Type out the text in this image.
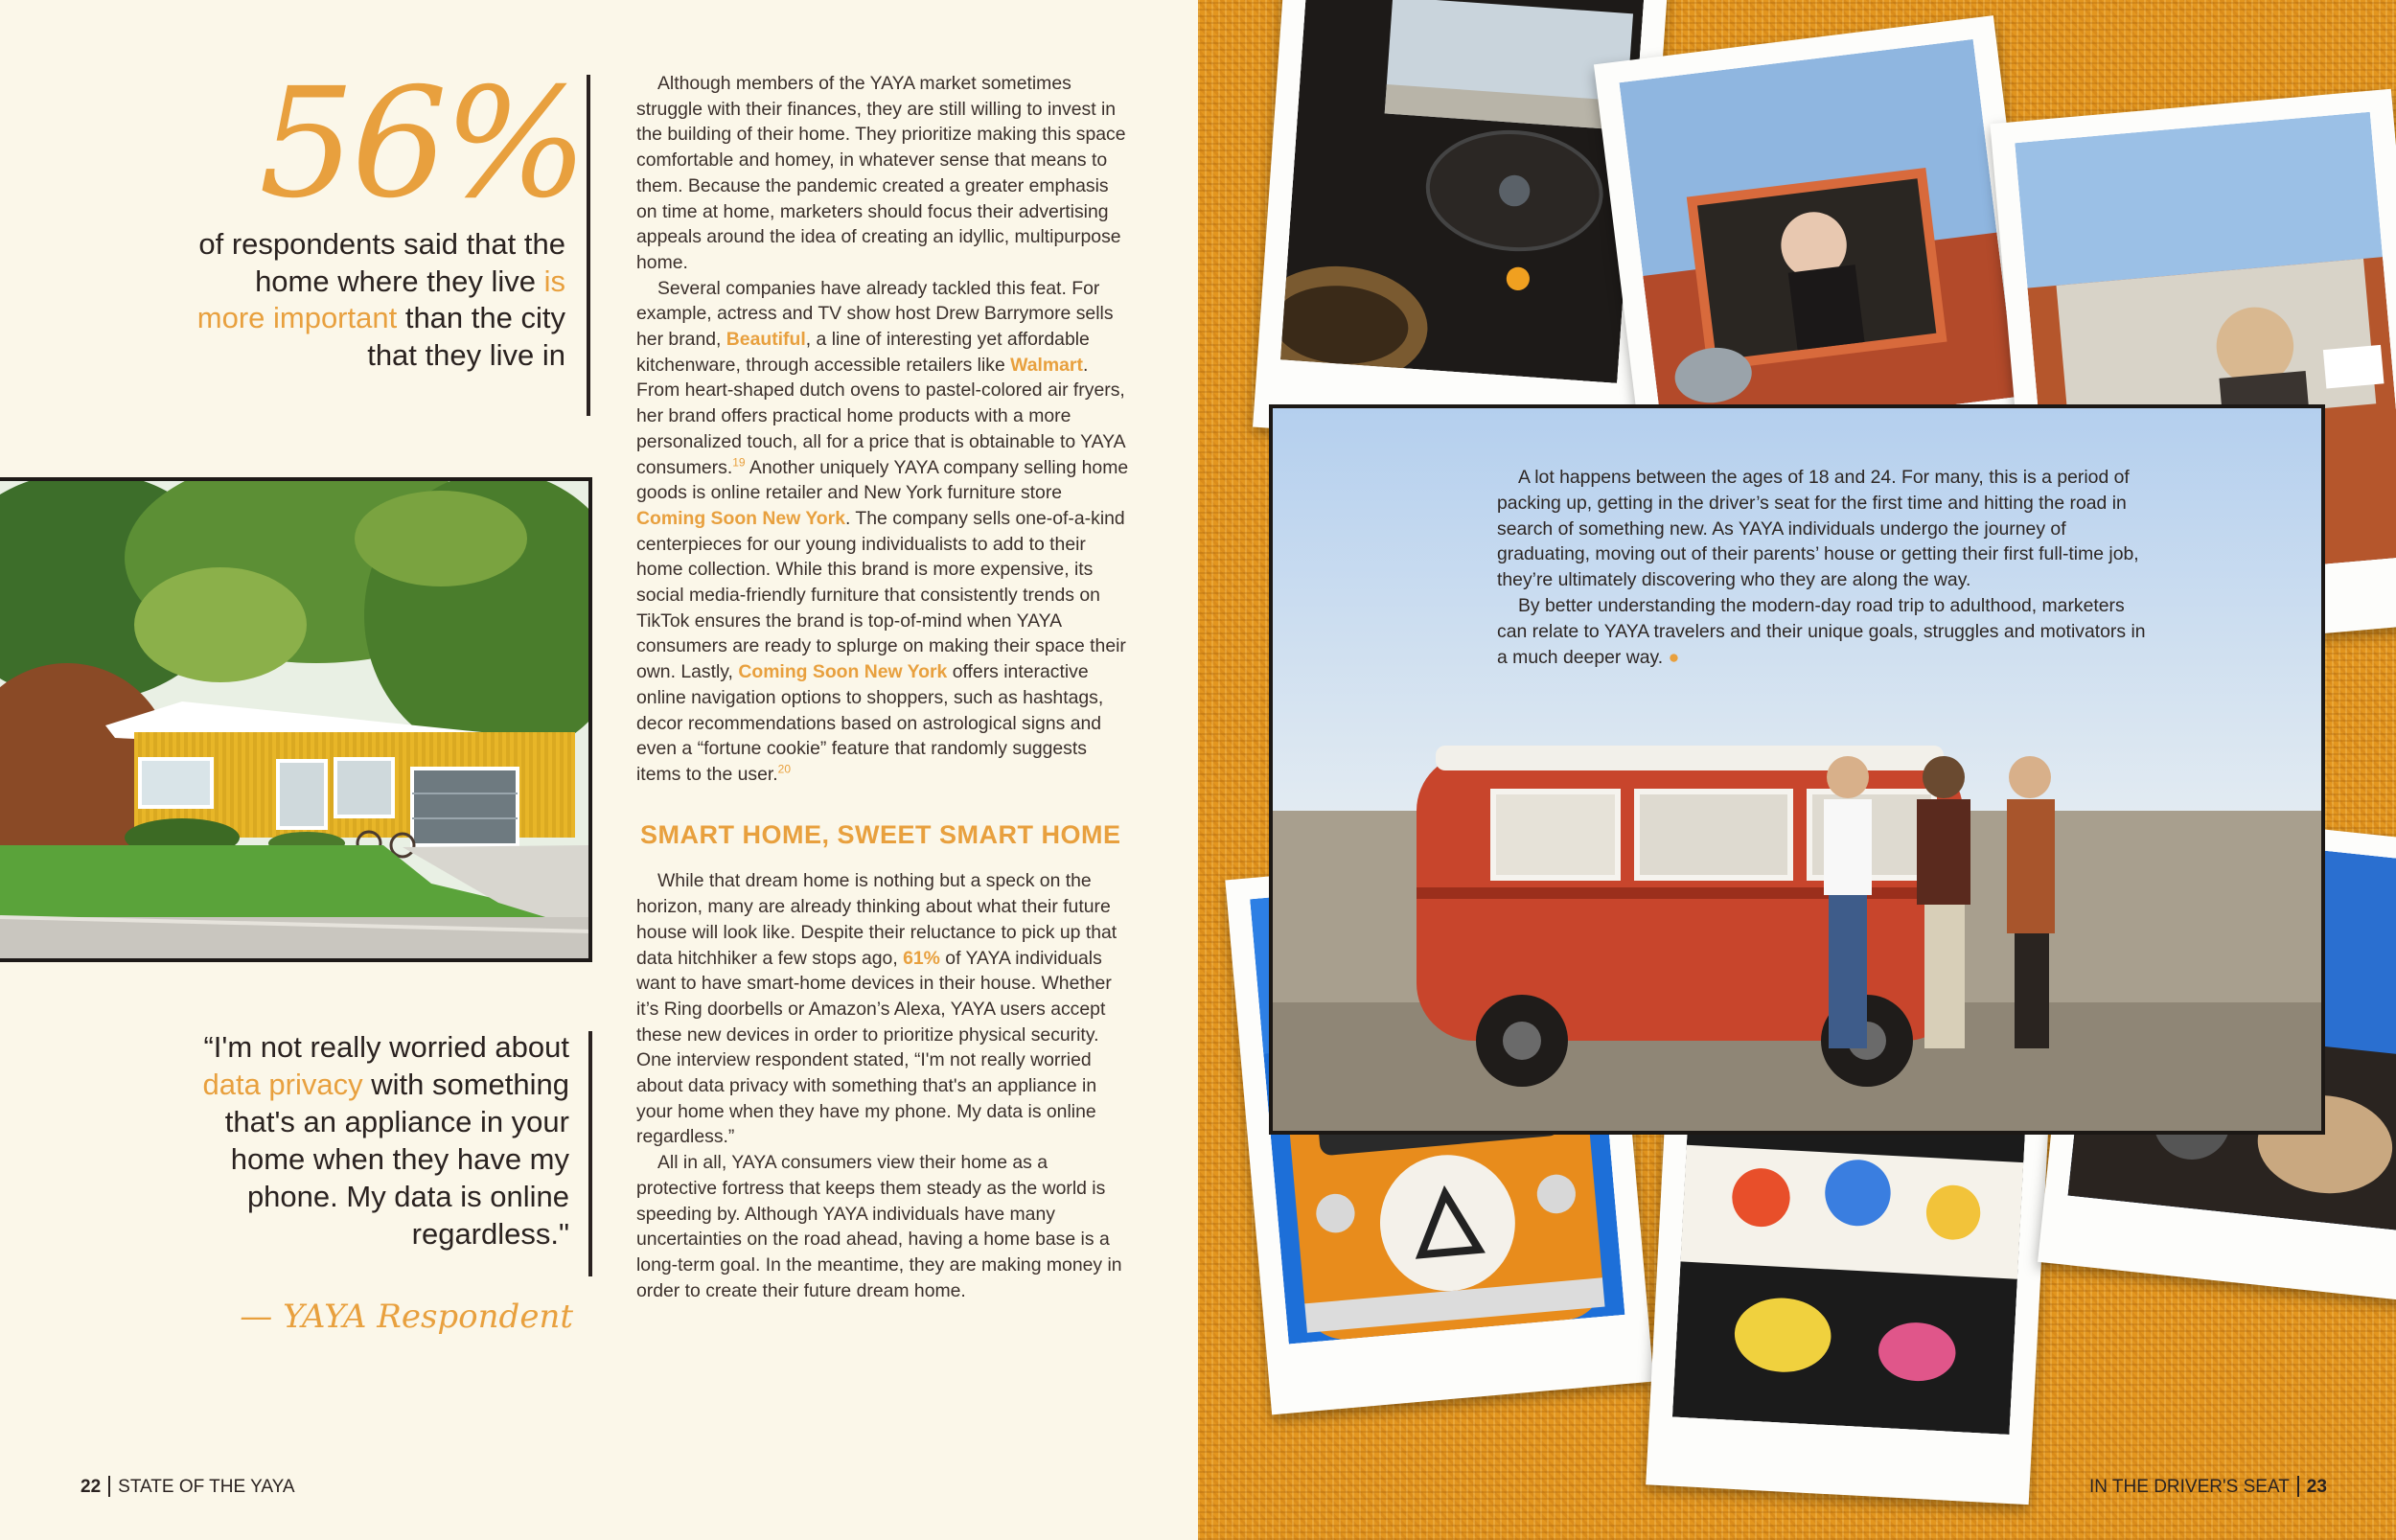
56%
of respondents said that the home where they live is more important than the city that they live in
“I'm not really worried about data privacy with something that's an appliance in your home when they have my phone. My data is online regardless."
— YAYA Respondent

Although members of the YAYA market sometimes struggle with their finances, they are still willing to invest in the building of their home. They prioritize making this space comfortable and homey, in whatever sense that means to them. Because the pandemic created a greater emphasis on time at home, marketers should focus their advertising appeals around the idea of creating an idyllic, multipurpose home.

Several companies have already tackled this feat. For example, actress and TV show host Drew Barrymore sells her brand, Beautiful, a line of interesting yet affordable kitchenware, through accessible retailers like Walmart. From heart-shaped dutch ovens to pastel-colored air fryers, her brand offers practical home products with a more personalized touch, all for a price that is obtainable to YAYA consumers.$^{19}$ Another uniquely YAYA company selling home goods is online retailer and New York furniture store Coming Soon New York. The company sells one-of-a-kind centerpieces for our young individualists to add to their home collection. While this brand is more expensive, its social media-friendly furniture that consistently trends on TikTok ensures the brand is top-of-mind when YAYA consumers are ready to splurge on making their space their own. Lastly, Coming Soon New York offers interactive online navigation options to shoppers, such as hashtags, decor recommendations based on astrological signs and even a “fortune cookie” feature that randomly suggests items to the user.$^{20}$

SMART HOME, SWEET SMART HOME

While that dream home is nothing but a speck on the horizon, many are already thinking about what their future house will look like. Despite their reluctance to pick up that data hitchhiker a few stops ago, 61% of YAYA individuals want to have smart-home devices in their house. Whether it’s Ring doorbells or Amazon’s Alexa, YAYA users accept these new devices in order to prioritize physical security. One interview respondent stated, “I'm not really worried about data privacy with something that's an appliance in your home when they have my phone. My data is online regardless.”

All in all, YAYA consumers view their home as a protective fortress that keeps them steady as the world is speeding by. Although YAYA individuals have many uncertainties on the road ahead, having a home base is a long-term goal. In the meantime, they are making money in order to create their future dream home.

22 STATE OF THE YAYA

A lot happens between the ages of 18 and 24. For many, this is a period of packing up, getting in the driver’s seat for the first time and hitting the road in search of something new. As YAYA individuals undergo the journey of graduating, moving out of their parents’ house or getting their first full-time job, they’re ultimately discovering who they are along the way.

By better understanding the modern-day road trip to adulthood, marketers can relate to YAYA travelers and their unique goals, struggles and motivators in a much deeper way. ●

IN THE DRIVER'S SEAT 23
